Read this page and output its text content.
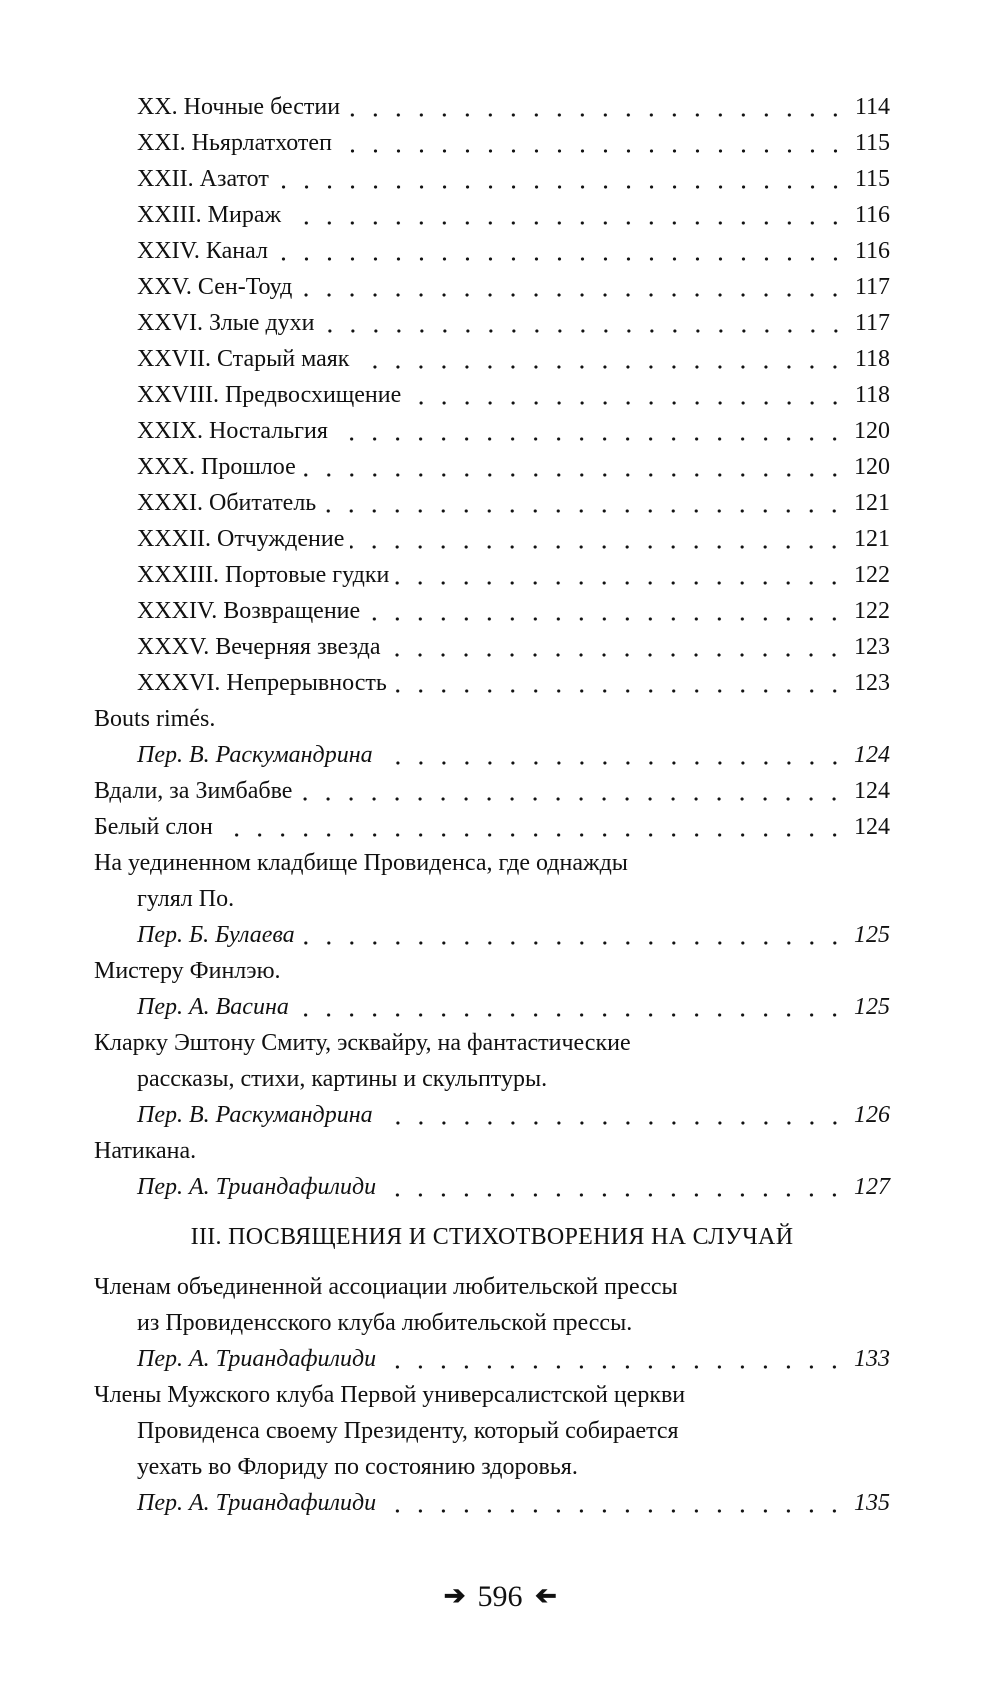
XX. Ночные бестии	114
XXI. Ньярлатхотеп	115
XXII. Азатот	115
XXIII. Мираж	116
XXIV. Канал	116
XXV. Сен-Тоуд	117
XXVI. Злые духи	117
XXVII. Старый маяк	118
XXVIII. Предвосхищение	118
XXIX. Ностальгия	120
XXX. Прошлое	120
XXXI. Обитатель	121
XXXII. Отчуждение	121
XXXIII. Портовые гудки	122
XXXIV. Возвращение	122
XXXV. Вечерняя звезда	123
XXXVI. Непрерывность	123
Bouts rimés.
Пер. В. Раскумандрина	124
Вдали, за Зимбабве	124
Белый слон	124
На уединенном кладбище Провиденса, где однажды
гулял По.
Пер. Б. Булаева	125
Мистеру Финлэю.
Пер. А. Васина	125
Кларку Эштону Смиту, эсквайру, на фантастические
рассказы, стихи, картины и скульптуры.
Пер. В. Раскумандрина	126
Натикана.
Пер. А. Триандафилиди	127
III. ПОСВЯЩЕНИЯ И СТИХОТВОРЕНИЯ НА СЛУЧАЙ
Членам объединенной ассоциации любительской прессы
из Провиденсского клуба любительской прессы.
Пер. А. Триандафилиди	133
Члены Мужского клуба Первой универсалистской церкви
Провиденса своему Президенту, который собирается
уехать во Флориду по состоянию здоровья.
Пер. А. Триандафилиди	135
➔ 596 ➔
